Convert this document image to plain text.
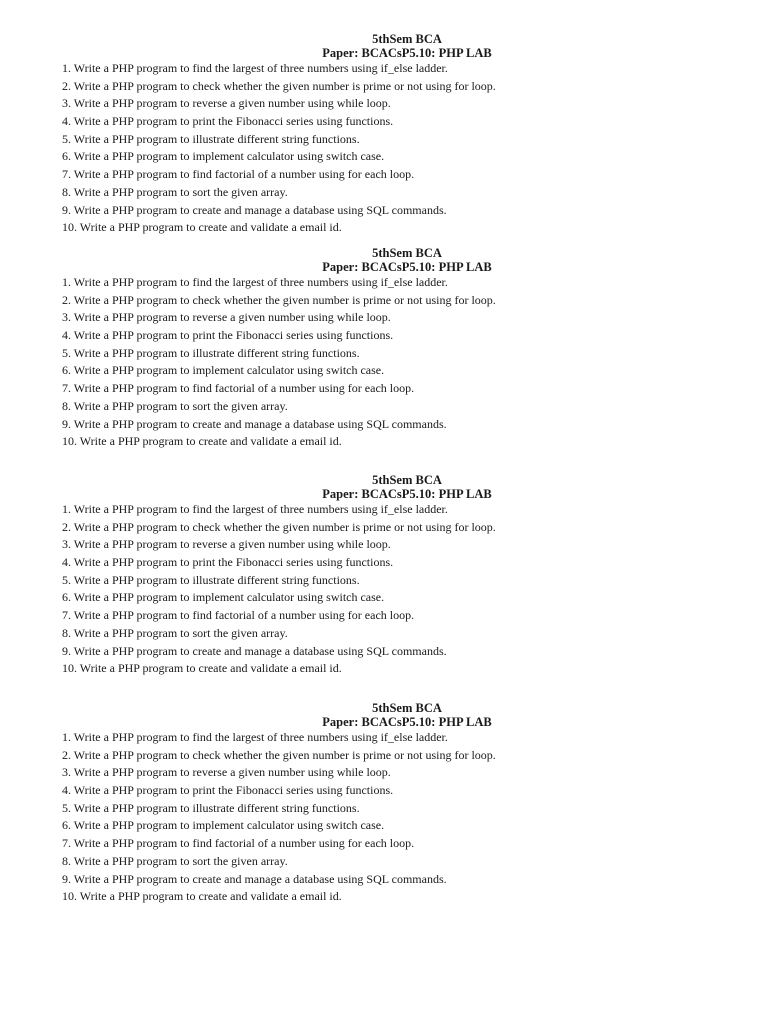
5thSem BCA
Paper: BCACsP5.10: PHP LAB
1. Write a PHP program to find the largest of three numbers using if_else ladder.
2. Write a PHP program to check whether the given number is prime or not using for loop.
3. Write a PHP program to reverse a given number using while loop.
4. Write a PHP program to print the Fibonacci series using functions.
5. Write a PHP program to illustrate different string functions.
6. Write a PHP program to implement calculator using switch case.
7. Write a PHP program to find factorial of a number using for each loop.
8. Write a PHP program to sort the given array.
9. Write a PHP program to create and manage a database using SQL commands.
10. Write a PHP program to create and validate a email id.
5thSem BCA
Paper: BCACsP5.10: PHP LAB
1. Write a PHP program to find the largest of three numbers using if_else ladder.
2. Write a PHP program to check whether the given number is prime or not using for loop.
3. Write a PHP program to reverse a given number using while loop.
4. Write a PHP program to print the Fibonacci series using functions.
5. Write a PHP program to illustrate different string functions.
6. Write a PHP program to implement calculator using switch case.
7. Write a PHP program to find factorial of a number using for each loop.
8. Write a PHP program to sort the given array.
9. Write a PHP program to create and manage a database using SQL commands.
10. Write a PHP program to create and validate a email id.
5thSem BCA
Paper: BCACsP5.10: PHP LAB
1. Write a PHP program to find the largest of three numbers using if_else ladder.
2. Write a PHP program to check whether the given number is prime or not using for loop.
3. Write a PHP program to reverse a given number using while loop.
4. Write a PHP program to print the Fibonacci series using functions.
5. Write a PHP program to illustrate different string functions.
6. Write a PHP program to implement calculator using switch case.
7. Write a PHP program to find factorial of a number using for each loop.
8. Write a PHP program to sort the given array.
9. Write a PHP program to create and manage a database using SQL commands.
10. Write a PHP program to create and validate a email id.
5thSem BCA
Paper: BCACsP5.10: PHP LAB
1. Write a PHP program to find the largest of three numbers using if_else ladder.
2. Write a PHP program to check whether the given number is prime or not using for loop.
3. Write a PHP program to reverse a given number using while loop.
4. Write a PHP program to print the Fibonacci series using functions.
5. Write a PHP program to illustrate different string functions.
6. Write a PHP program to implement calculator using switch case.
7. Write a PHP program to find factorial of a number using for each loop.
8. Write a PHP program to sort the given array.
9. Write a PHP program to create and manage a database using SQL commands.
10. Write a PHP program to create and validate a email id.
